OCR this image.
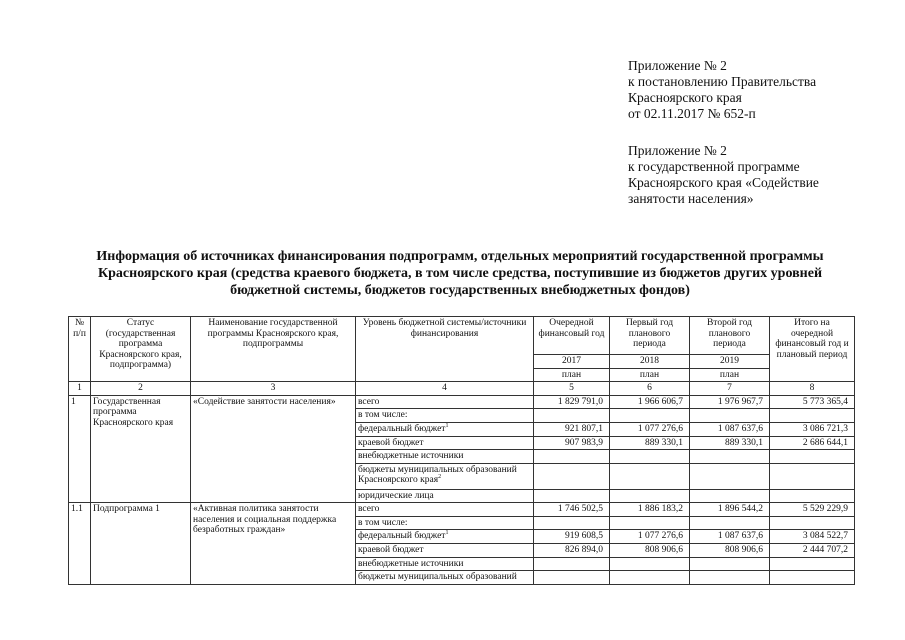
Приложение № 2
к постановлению Правительства
Красноярского края
от 02.11.2017 № 652-п
Приложение № 2
к государственной программе
Красноярского края «Содействие
занятости населения»
Информация об источниках финансирования подпрограмм, отдельных мероприятий государственной программы
Красноярского края (средства краевого бюджета, в том числе средства, поступившие из бюджетов других уровней
бюджетной системы, бюджетов государственных внебюджетных фондов)
№ п/п	Статус (государственная программа Красноярского края, подпрограмма)	Наименование государственной программы Красноярского края, подпрограммы	Уровень бюджетной системы/источники финансирования	Очередной финансовый год	Первый год планового периода	Второй год планового периода	Итого на очередной финансовый год и плановый период
				2017	2018	2019	
				план	план	план	
1	2	3	4	5	6	7	8
1	Государственная программа Красноярского края	«Содействие занятости населения»	всего	1 829 791,0	1 966 606,7	1 976 967,7	5 773 365,4
			в том числе:				
			федеральный бюджет$^1$	921 807,1	1 077 276,6	1 087 637,6	3 086 721,3
			краевой бюджет	907 983,9	889 330,1	889 330,1	2 686 644,1
			внебюджетные источники				
			бюджеты муниципальных образований Красноярского края$^2$				
			юридические лица				
1.1	Подпрограмма 1	«Активная политика занятости населения и социальная поддержка безработных граждан»	всего	1 746 502,5	1 886 183,2	1 896 544,2	5 529 229,9
			в том числе:				
			федеральный бюджет$^1$	919 608,5	1 077 276,6	1 087 637,6	3 084 522,7
			краевой бюджет	826 894,0	808 906,6	808 906,6	2 444 707,2
			внебюджетные источники				
			бюджеты муниципальных образований				
